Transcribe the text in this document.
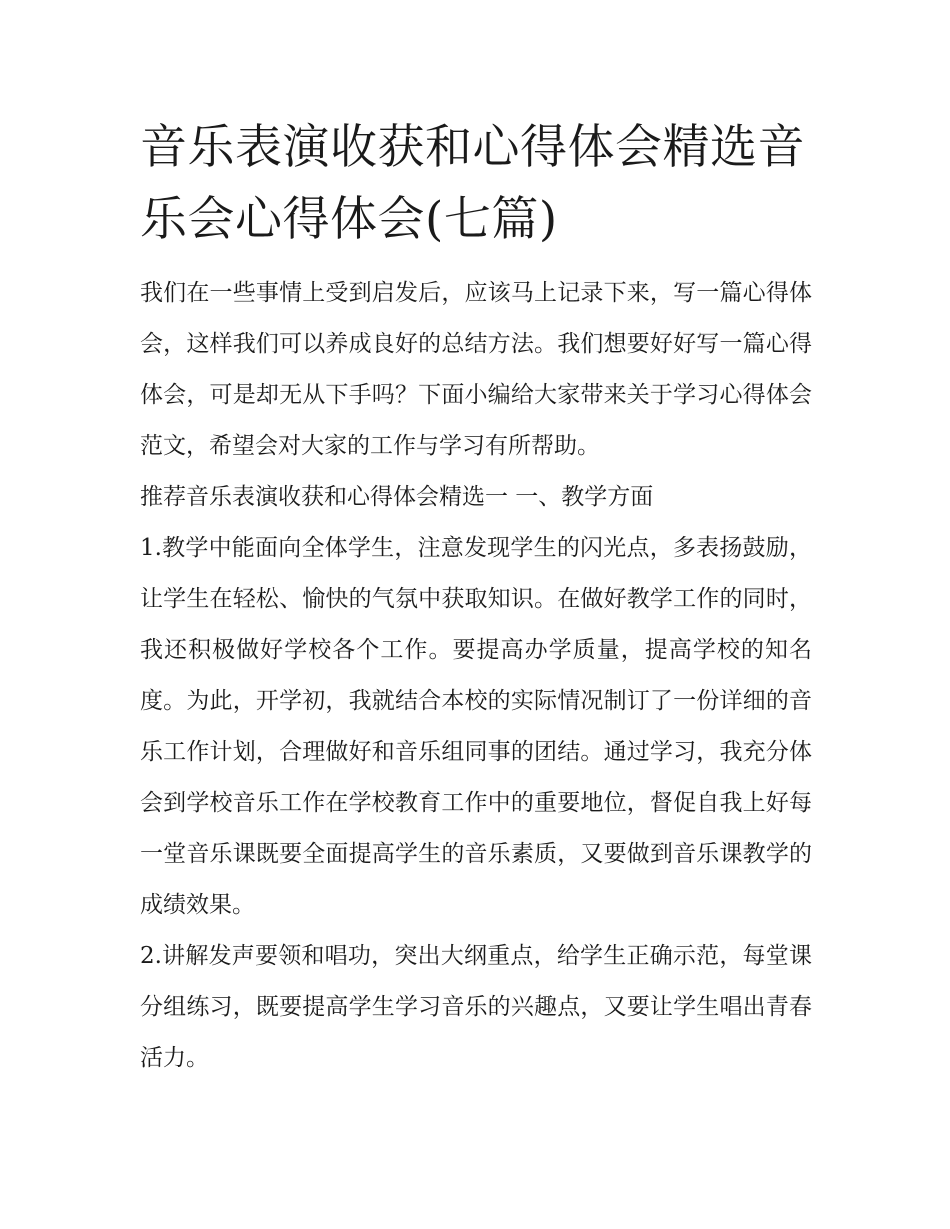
音乐表演收获和心得体会精选音乐会心得体会(七篇)

我们在一些事情上受到启发后，应该马上记录下来，写一篇心得体会，这样我们可以养成良好的总结方法。我们想要好好写一篇心得体会，可是却无从下手吗？下面小编给大家带来关于学习心得体会范文，希望会对大家的工作与学习有所帮助。

推荐音乐表演收获和心得体会精选一 一、教学方面

1.教学中能面向全体学生，注意发现学生的闪光点，多表扬鼓励，让学生在轻松、愉快的气氛中获取知识。在做好教学工作的同时，我还积极做好学校各个工作。要提高办学质量，提高学校的知名度。为此，开学初，我就结合本校的实际情况制订了一份详细的音乐工作计划，合理做好和音乐组同事的团结。通过学习，我充分体会到学校音乐工作在学校教育工作中的重要地位，督促自我上好每一堂音乐课既要全面提高学生的音乐素质，又要做到音乐课教学的成绩效果。

2.讲解发声要领和唱功，突出大纲重点，给学生正确示范，每堂课分组练习，既要提高学生学习音乐的兴趣点，又要让学生唱出青春活力。
